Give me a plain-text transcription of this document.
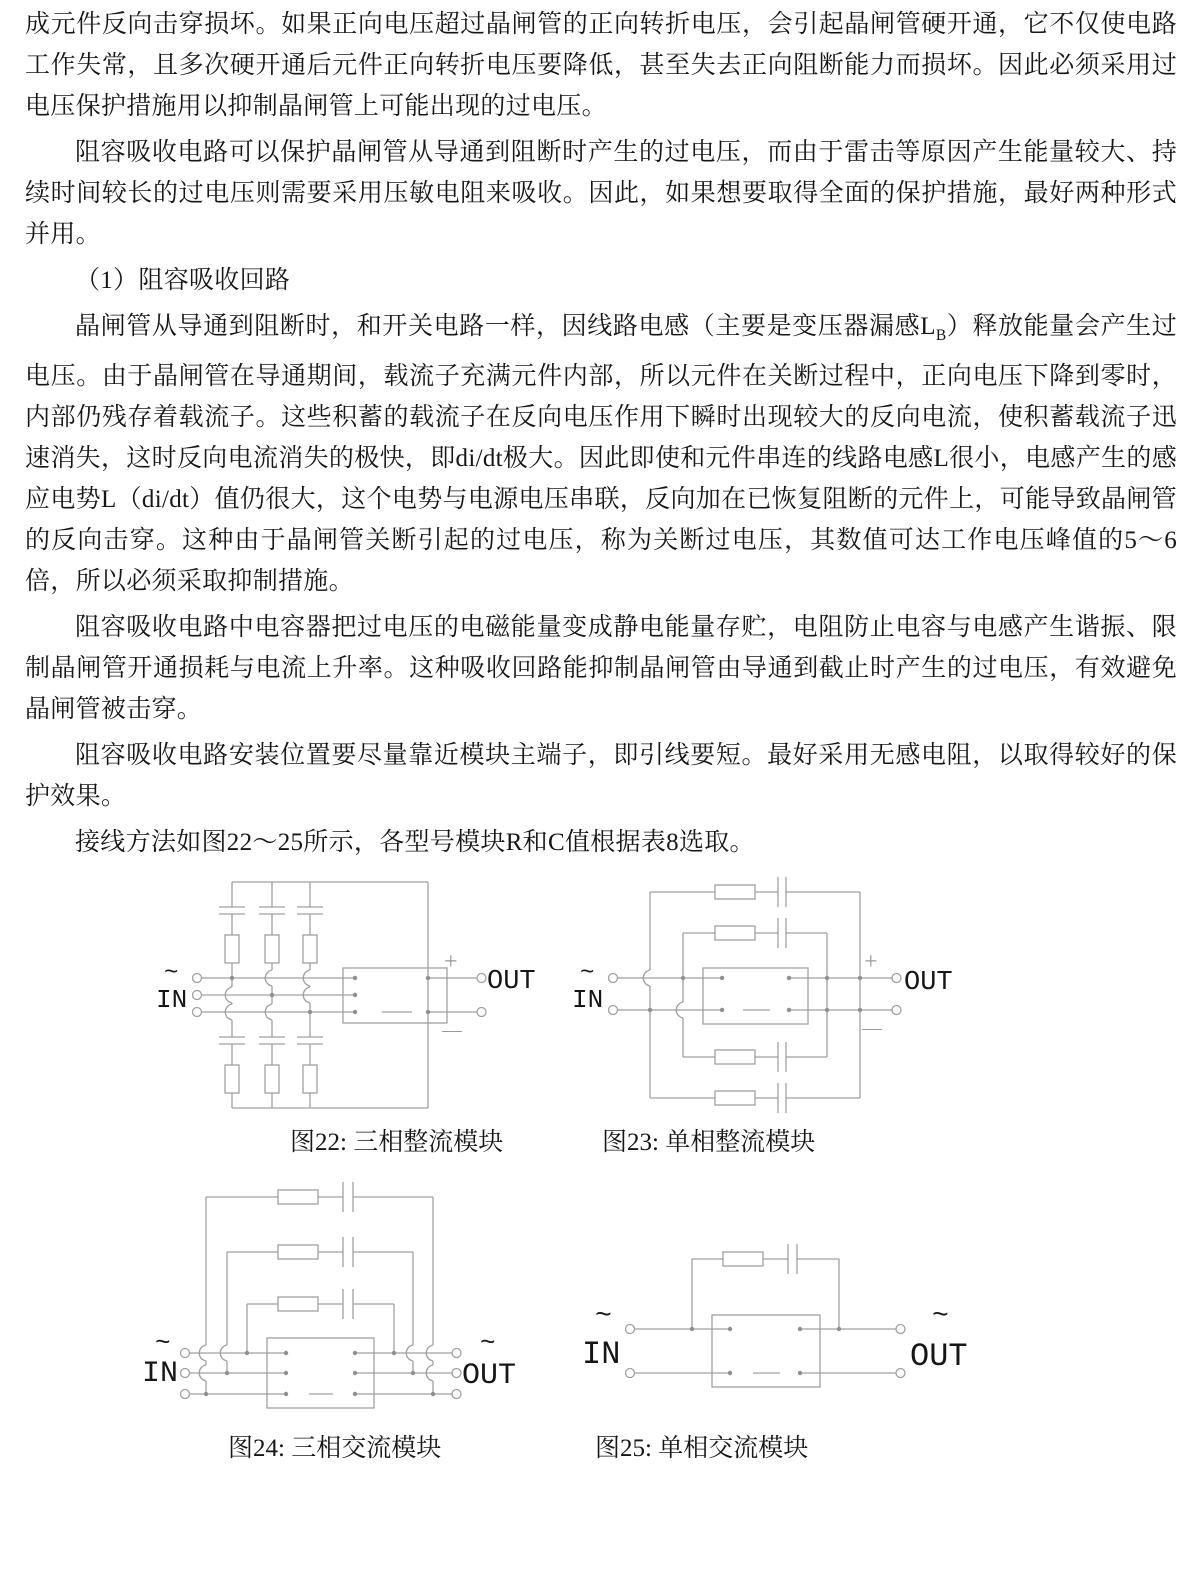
成元件反向击穿损坏。如果正向电压超过晶闸管的正向转折电压，会引起晶闸管硬开通，它不仅使电路工作失常，且多次硬开通后元件正向转折电压要降低，甚至失去正向阻断能力而损坏。因此必须采用过电压保护措施用以抑制晶闸管上可能出现的过电压。

阻容吸收电路可以保护晶闸管从导通到阻断时产生的过电压，而由于雷击等原因产生能量较大、持续时间较长的过电压则需要采用压敏电阻来吸收。因此，如果想要取得全面的保护措施，最好两种形式并用。

（1）阻容吸收回路

晶闸管从导通到阻断时，和开关电路一样，因线路电感（主要是变压器漏感$L_B$）释放能量会产生过电压。由于晶闸管在导通期间，载流子充满元件内部，所以元件在关断过程中，正向电压下降到零时，内部仍残存着载流子。这些积蓄的载流子在反向电压作用下瞬时出现较大的反向电流，使积蓄载流子迅速消失，这时反向电流消失的极快，即di/dt极大。因此即使和元件串连的线路电感L很小，电感产生的感应电势L（di/dt）值仍很大，这个电势与电源电压串联，反向加在已恢复阻断的元件上，可能导致晶闸管的反向击穿。这种由于晶闸管关断引起的过电压，称为关断过电压，其数值可达工作电压峰值的5～6倍，所以必须采取抑制措施。

阻容吸收电路中电容器把过电压的电磁能量变成静电能量存贮，电阻防止电容与电感产生谐振、限制晶闸管开通损耗与电流上升率。这种吸收回路能抑制晶闸管由导通到截止时产生的过电压，有效避免晶闸管被击穿。

阻容吸收电路安装位置要尽量靠近模块主端子，即引线要短。最好采用无感电阻，以取得较好的保护效果。

接线方法如图22～25所示，各型号模块R和C值根据表8选取。

~
IN
+
—
OUT ~
IN
+
—
OUT
图22: 三相整流模块	图23: 单相整流模块
~
IN
~
OUT
~
IN
~
OUT
图24: 三相交流模块	图25: 单相交流模块
